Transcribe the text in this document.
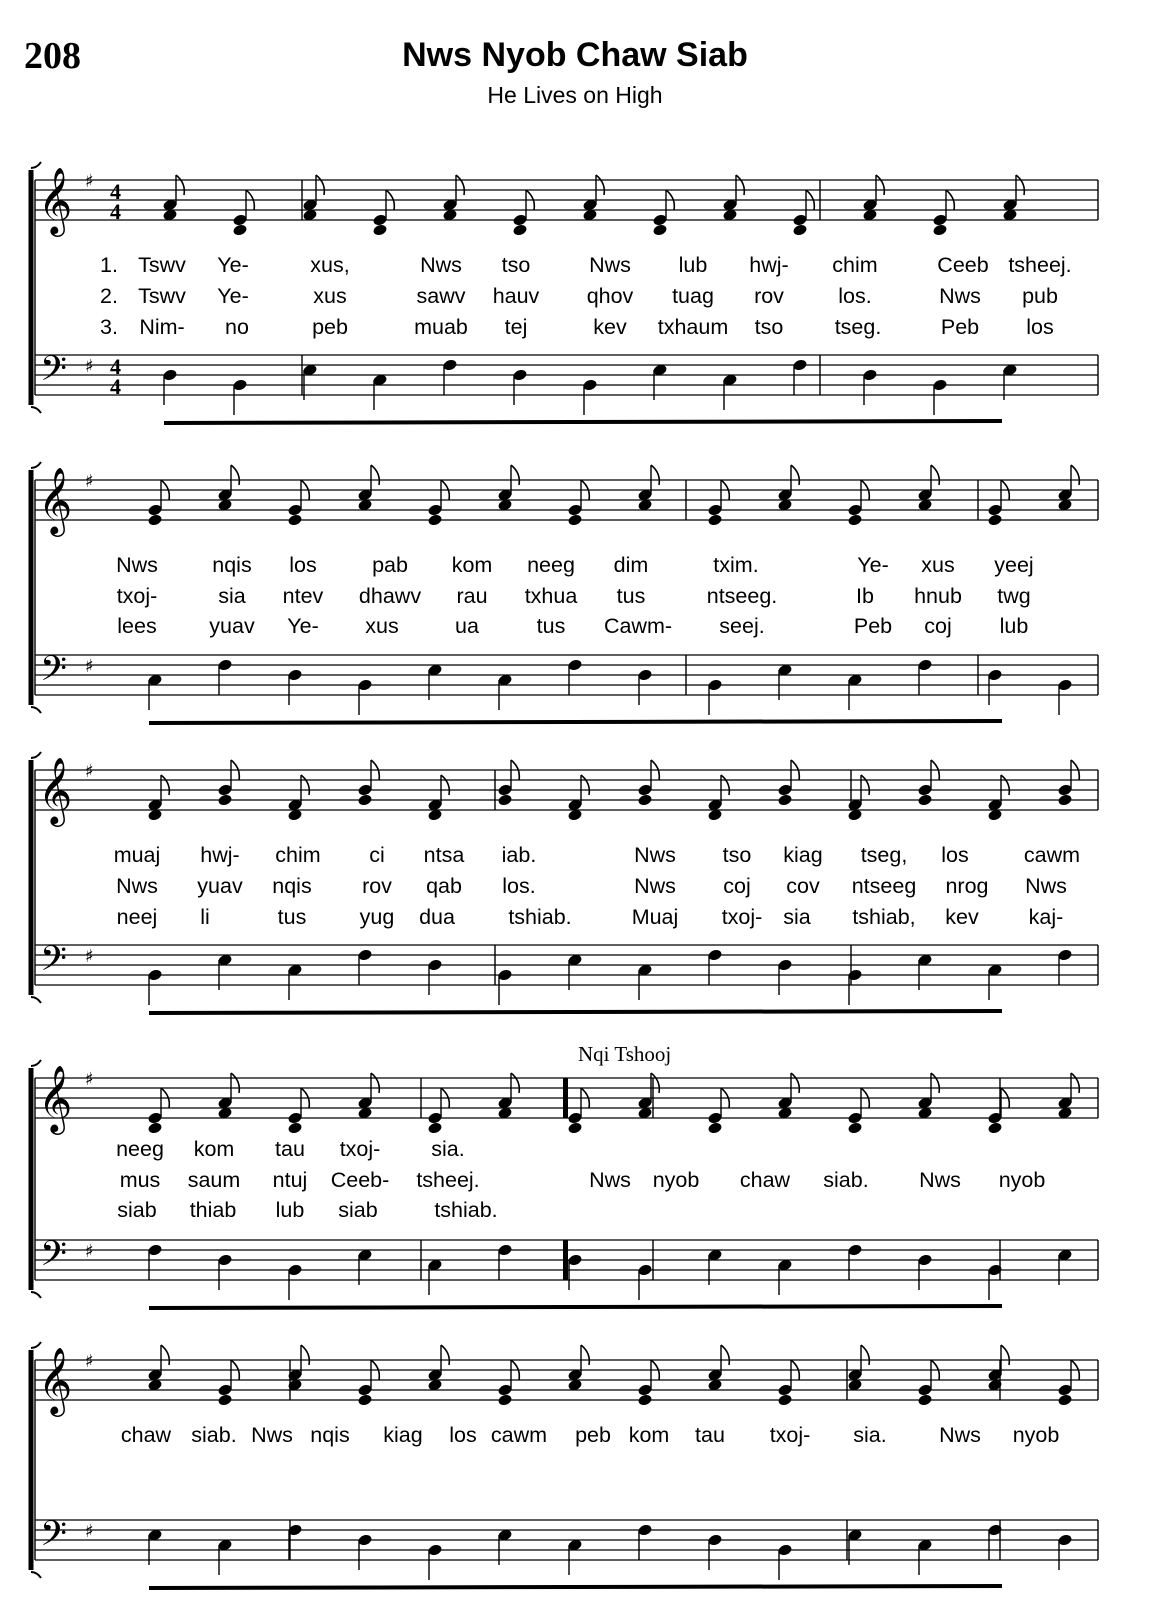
208	Nws Nyob Chaw Siab
He Lives on High
𝄞
𝄢
♯
♯
4
4
4
4
1.
2.
3.
Tswv Ye-	xus,	Nws tso	Nws lub hwj- chim	Ceeb tsheej.
Tswv Ye-	xus	sawv hauv qhov tuag rov	los.	Nws pub
Nim- no	peb	muab tej	kev txhaum tso tseg.	Peb los
𝄞
𝄢
♯
♯
Nws	nqis los	pab kom neeg dim	txim.	Ye- xus yeej
txoj-	sia ntev dhawv rau txhua tus	ntseeg.	Ib hnub twg
lees yuav Ye- xus	ua	tus Cawm- seej.	Peb coj lub
𝄞
𝄢
♯
♯
muaj hwj- chim ci ntsa iab.	Nws tso kiag tseg, los	cawm
Nws yuav nqis rov qab los.	Nws coj cov ntseeg nrog Nws
neej li	tus yug dua tshiab.	Muaj txoj- sia tshiab, kev kaj-
𝄞
𝄢
♯
♯
Nqi Tshooj
neeg kom tau txoj- sia.
mus saum ntuj Ceeb- tsheej.	Nws nyob chaw siab. Nws nyob
siab thiab lub siab	tshiab.
𝄞
𝄢
♯
♯
chaw siab. Nws nqis kiag los cawm peb kom tau txoj- sia. Nws nyob
